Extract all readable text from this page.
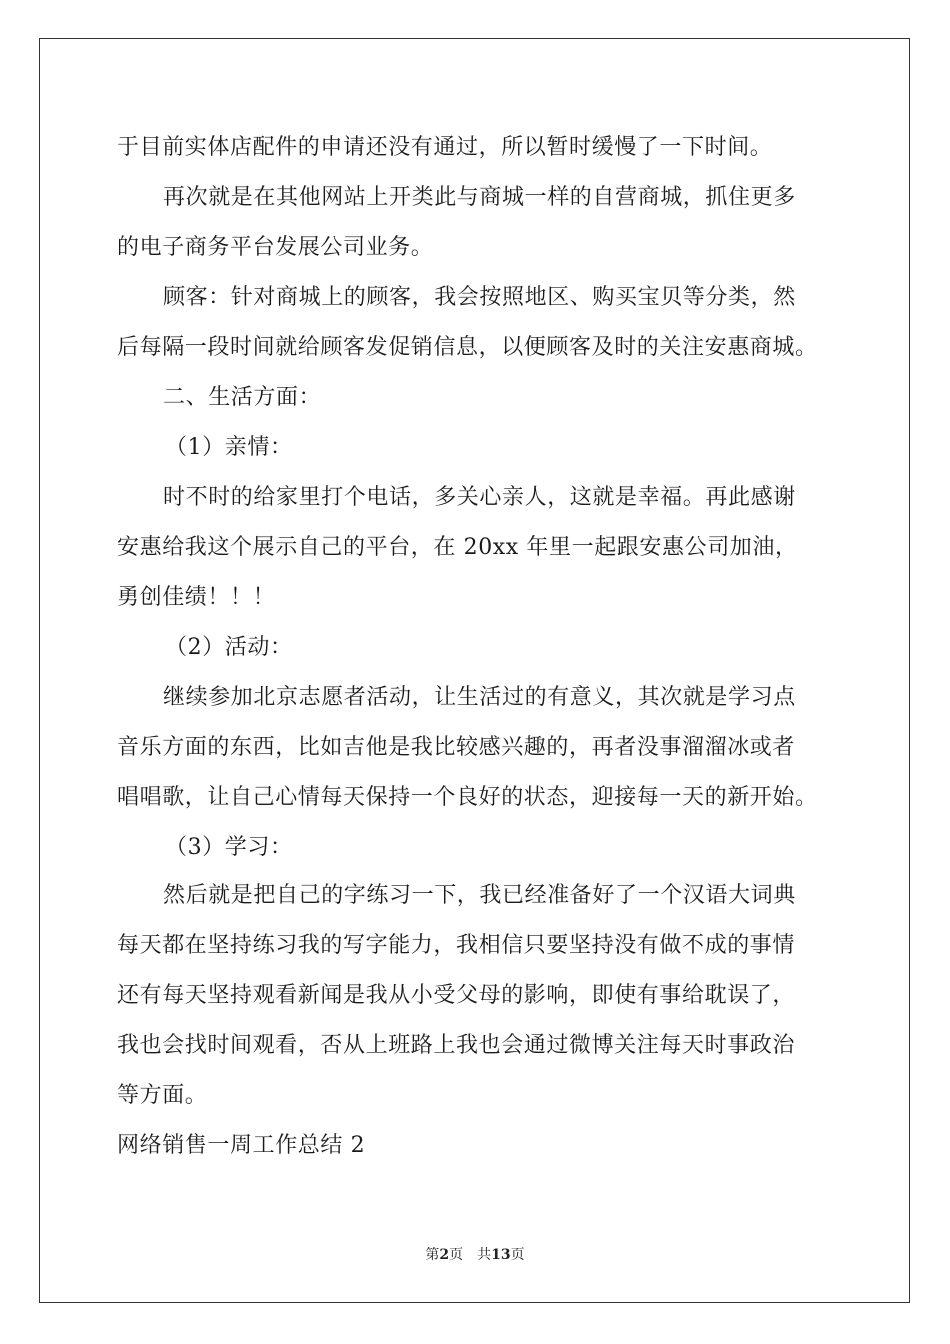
于目前实体店配件的申请还没有通过，所以暂时缓慢了一下时间。
再次就是在其他网站上开类此与商城一样的自营商城，抓住更多
的电子商务平台发展公司业务。
顾客：针对商城上的顾客，我会按照地区、购买宝贝等分类，然
后每隔一段时间就给顾客发促销信息，以便顾客及时的关注安惠商城。
二、生活方面：
（1）亲情：
时不时的给家里打个电话，多关心亲人，这就是幸福。再此感谢
安惠给我这个展示自己的平台，在 20xx 年里一起跟安惠公司加油，
勇创佳绩！！！
（2）活动：
继续参加北京志愿者活动，让生活过的有意义，其次就是学习点
音乐方面的东西，比如吉他是我比较感兴趣的，再者没事溜溜冰或者
唱唱歌，让自己心情每天保持一个良好的状态，迎接每一天的新开始。
（3）学习：
然后就是把自己的字练习一下，我已经准备好了一个汉语大词典
每天都在坚持练习我的写字能力，我相信只要坚持没有做不成的事情
还有每天坚持观看新闻是我从小受父母的影响，即使有事给耽误了，
我也会找时间观看，否从上班路上我也会通过微博关注每天时事政治
等方面。
网络销售一周工作总结 2
第2页　共13页
